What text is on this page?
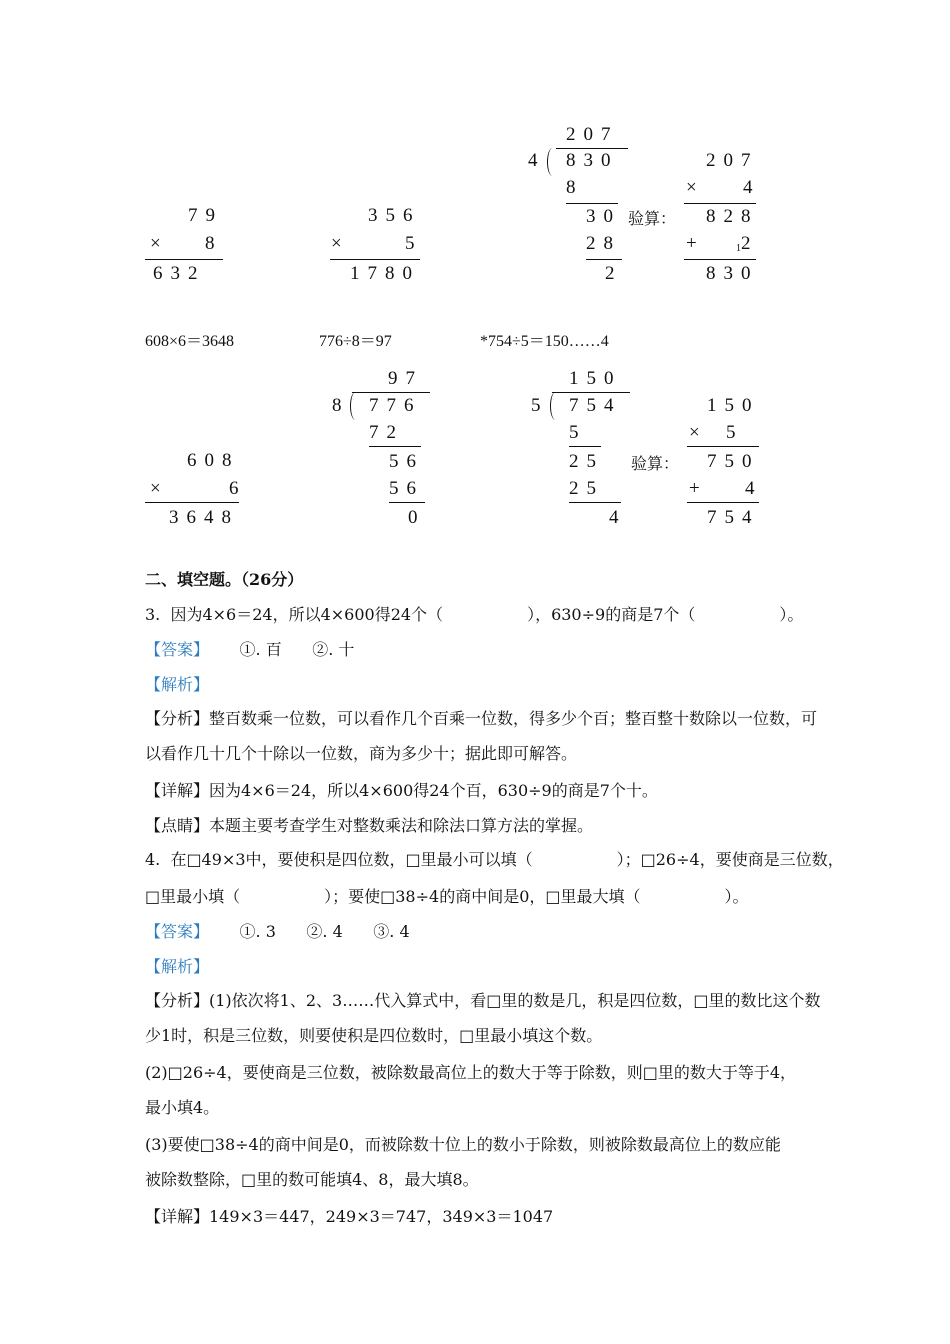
79
× 8
632
356
×	5
1780
207
4 830
8
30
28
2
207
× 4
验算： 828
+	12
830
608×6＝3648	776÷8＝97	*754÷5＝150……4
608
×	6
3648
97
8 776
72
56
56
0
150
5 754
5
25
25
4
150
× 5
验算： 750
+ 4
754
二、填空题。（26分）
3.  因为4×6＝24，所以4×600得24个（	），630÷9的商是7个（	）。
【答案】      ①. 百      ②. 十
【解析】
【分析】整百数乘一位数，可以看作几个百乘一位数，得多少个百；整百整十数除以一位数，可
以看作几十几个十除以一位数，商为多少十；据此即可解答。
【详解】因为4×6＝24，所以4×600得24个百，630÷9的商是7个十。
【点睛】本题主要考查学生对整数乘法和除法口算方法的掌握。
4.  在□49×3中，要使积是四位数，□里最小可以填（	）；□26÷4，要使商是三位数，
□里最小填（	）；要使□38÷4的商中间是0，□里最大填（	）。
【答案】      ①. 3      ②. 4      ③. 4
【解析】
【分析】(1)依次将1、2、3……代入算式中，看□里的数是几，积是四位数，□里的数比这个数
少1时，积是三位数，则要使积是四位数时，□里最小填这个数。
(2)□26÷4，要使商是三位数，被除数最高位上的数大于等于除数，则□里的数大于等于4，
最小填4。
(3)要使□38÷4的商中间是0，而被除数十位上的数小于除数，则被除数最高位上的数应能
被除数整除，□里的数可能填4、8，最大填8。
【详解】149×3＝447，249×3＝747，349×3＝1047
